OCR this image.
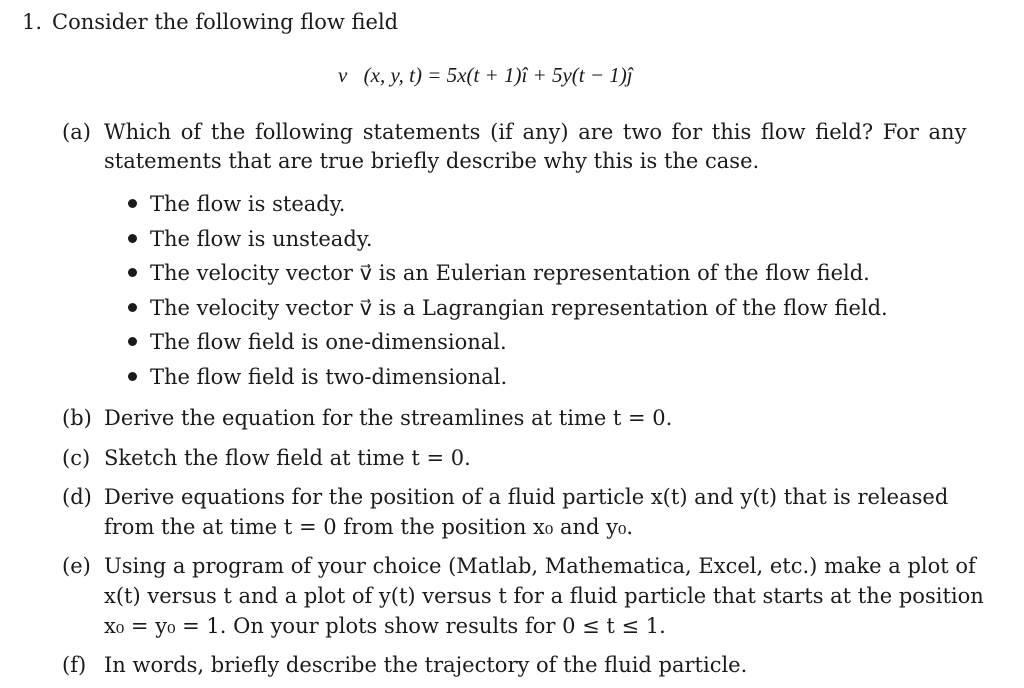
1. Consider the following flow field
v⃗(x, y, t) = 5x(t + 1)î + 5y(t − 1)ĵ
(a) Which of the following statements (if any) are two for this flow field? For any
statements that are true briefly describe why this is the case.
The flow is steady.
The flow is unsteady.
The velocity vector v⃗ is an Eulerian representation of the flow field.
The velocity vector v⃗ is a Lagrangian representation of the flow field.
The flow field is one-dimensional.
The flow field is two-dimensional.
(b) Derive the equation for the streamlines at time t = 0.
(c) Sketch the flow field at time t = 0.
(d) Derive equations for the position of a fluid particle x(t) and y(t) that is released
from the at time t = 0 from the position x₀ and y₀.
(e) Using a program of your choice (Matlab, Mathematica, Excel, etc.) make a plot of
x(t) versus t and a plot of y(t) versus t for a fluid particle that starts at the position
x₀ = y₀ = 1. On your plots show results for 0 ≤ t ≤ 1.
(f) In words, briefly describe the trajectory of the fluid particle.
